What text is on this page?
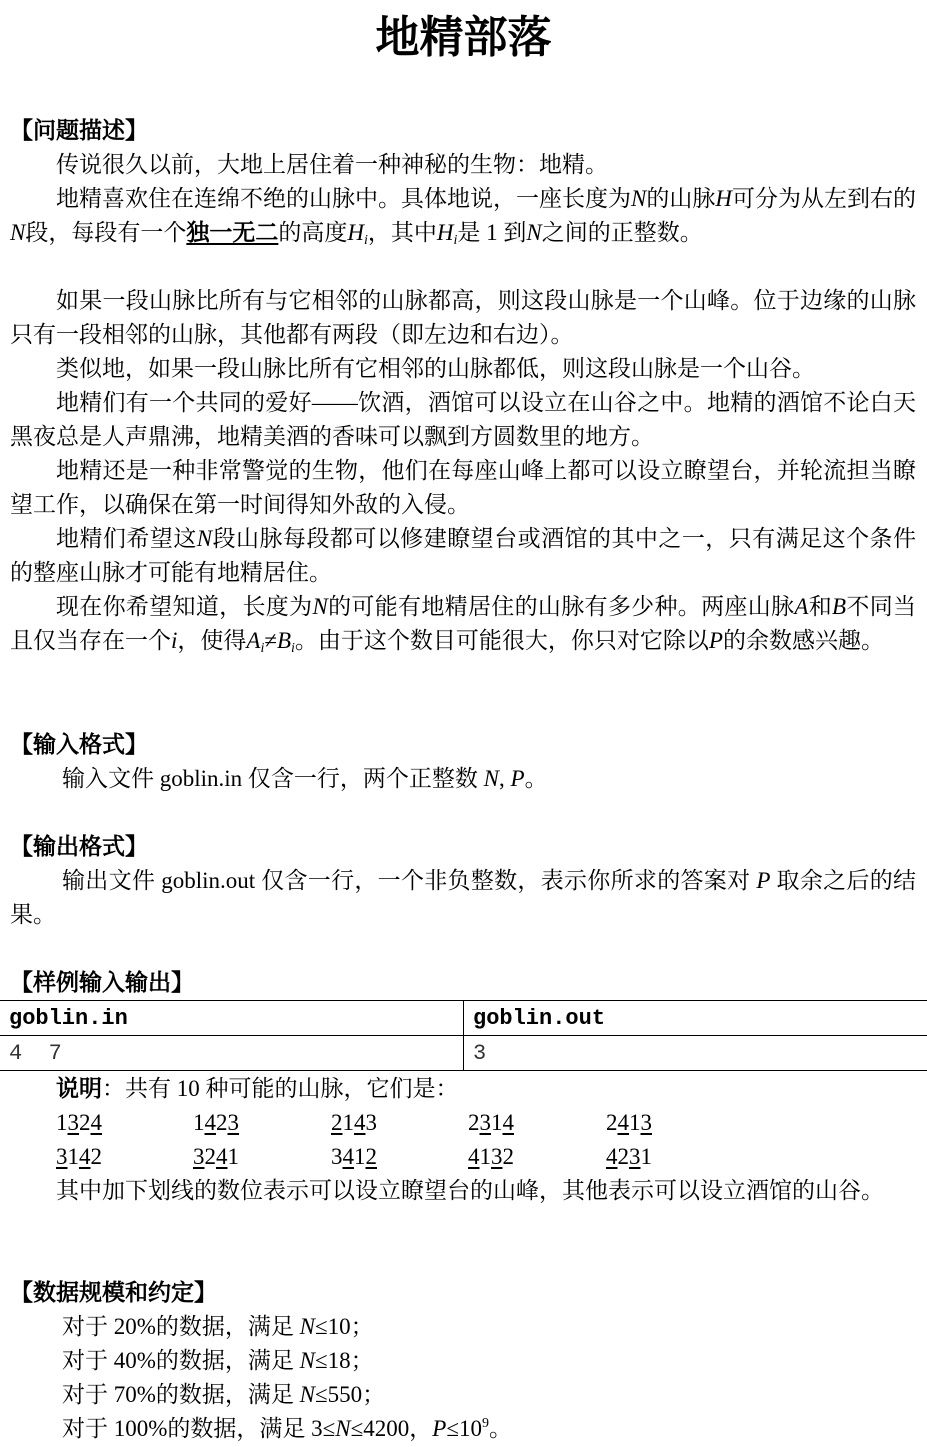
地精部落
【问题描述】
传说很久以前，大地上居住着一种神秘的生物：地精。
地精喜欢住在连绵不绝的山脉中。具体地说，一座长度为N的山脉H可分为从左到右的N段，每段有一个独一无二的高度$H_i$，其中$H_i$是 1 到N之间的正整数。
如果一段山脉比所有与它相邻的山脉都高，则这段山脉是一个山峰。位于边缘的山脉只有一段相邻的山脉，其他都有两段（即左边和右边）。
类似地，如果一段山脉比所有它相邻的山脉都低，则这段山脉是一个山谷。
地精们有一个共同的爱好——饮酒，酒馆可以设立在山谷之中。地精的酒馆不论白天黑夜总是人声鼎沸，地精美酒的香味可以飘到方圆数里的地方。
地精还是一种非常警觉的生物，他们在每座山峰上都可以设立瞭望台，并轮流担当瞭望工作，以确保在第一时间得知外敌的入侵。
地精们希望这N段山脉每段都可以修建瞭望台或酒馆的其中之一，只有满足这个条件的整座山脉才可能有地精居住。
现在你希望知道，长度为N的可能有地精居住的山脉有多少种。两座山脉A和B不同当且仅当存在一个i，使得$A_i\ne B_i$。由于这个数目可能很大，你只对它除以P的余数感兴趣。
【输入格式】
输入文件 goblin.in 仅含一行，两个正整数 N, P。
【输出格式】
输出文件 goblin.out 仅含一行，一个非负整数，表示你所求的答案对 P 取余之后的结果。
【样例输入输出】
goblin.in	goblin.out
4  7	3
说明：共有 10 种可能的山脉，它们是：
1324	1423	2143	2314	2413
3142	3241	3412	4132	4231
其中加下划线的数位表示可以设立瞭望台的山峰，其他表示可以设立酒馆的山谷。
【数据规模和约定】
对于 20%的数据，满足 N≤10；
对于 40%的数据，满足 N≤18；
对于 70%的数据，满足 N≤550；
对于 100%的数据，满足 3≤N≤4200，$P\le 10^9$。
